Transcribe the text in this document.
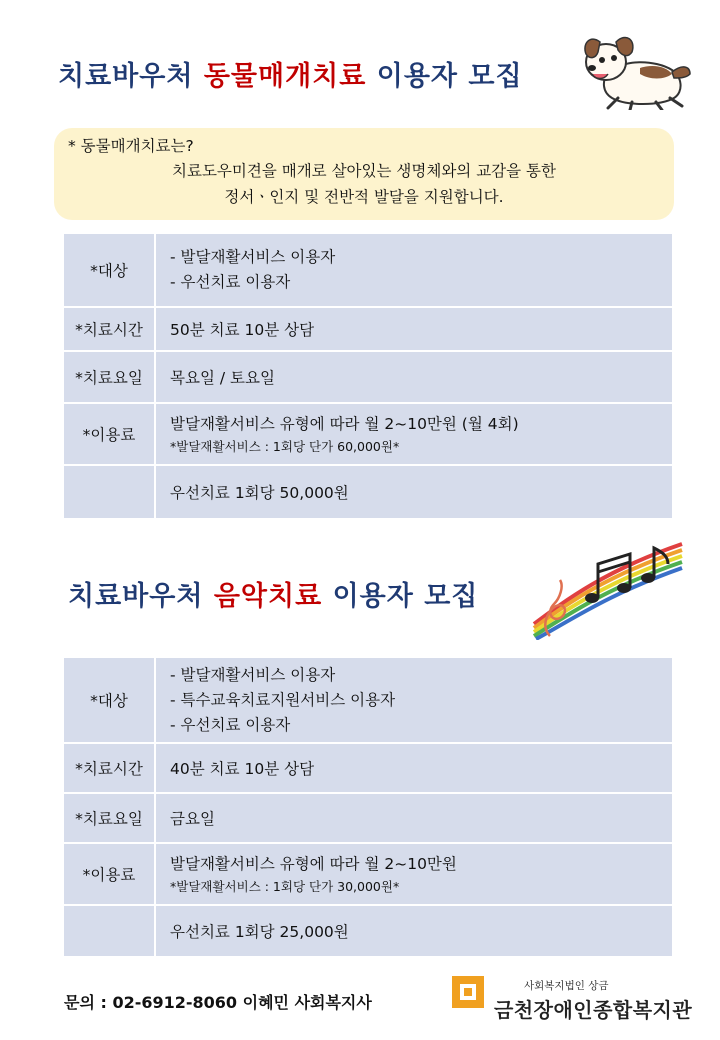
치료바우처 동물매개치료 이용자 모집
* 동물매개치료는?
치료도우미견을 매개로 살아있는 생명체와의 교감을 통한
정서ㆍ인지 및 전반적 발달을 지원합니다.
*대상	- 발달재활서비스 이용자
- 우선치료 이용자

*치료시간	50분 치료 10분 상담
*치료요일	목요일 / 토요일
*이용료	발달재활서비스 유형에 따라 월 2~10만원 (월 4회)
*발달재활서비스 : 1회당 단가 60,000원*

	우선치료 1회당 50,000원
치료바우처 음악치료 이용자 모집
*대상	- 발달재활서비스 이용자
- 특수교육치료지원서비스 이용자
- 우선치료 이용자

*치료시간	40분 치료 10분 상담
*치료요일	금요일
*이용료	발달재활서비스 유형에 따라 월 2~10만원
*발달재활서비스 : 1회당 단가 30,000원*

	우선치료 1회당 25,000원
문의 : 02-6912-8060 이혜민 사회복지사
사회복지법인 상금
금천장애인종합복지관
